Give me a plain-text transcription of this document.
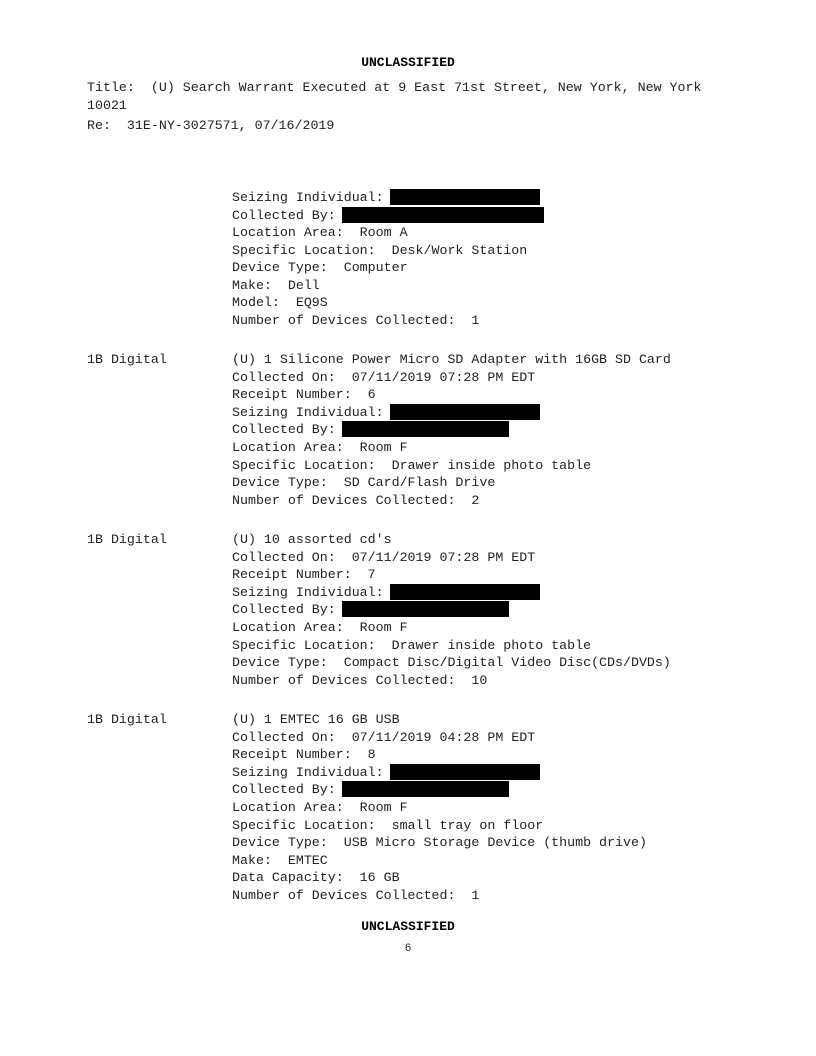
UNCLASSIFIED
Title: (U) Search Warrant Executed at 9 East 71st Street, New York, New York 10021
Re: 31E-NY-3027571, 07/16/2019
Seizing Individual:
Collected By:
Location Area:  Room A
Specific Location:  Desk/Work Station
Device Type:  Computer
Make:  Dell
Model:  EQ9S
Number of Devices Collected:  1
1B Digital	(U) 1 Silicone Power Micro SD Adapter with 16GB SD Card
Collected On:  07/11/2019 07:28 PM EDT
Receipt Number:  6
Seizing Individual:
Collected By:
Location Area:  Room F
Specific Location:  Drawer inside photo table
Device Type:  SD Card/Flash Drive
Number of Devices Collected:  2
1B Digital	(U) 10 assorted cd's
Collected On:  07/11/2019 07:28 PM EDT
Receipt Number:  7
Seizing Individual:
Collected By:
Location Area:  Room F
Specific Location:  Drawer inside photo table
Device Type:  Compact Disc/Digital Video Disc(CDs/DVDs)
Number of Devices Collected:  10
1B Digital	(U) 1 EMTEC 16 GB USB
Collected On:  07/11/2019 04:28 PM EDT
Receipt Number:  8
Seizing Individual:
Collected By:
Location Area:  Room F
Specific Location:  small tray on floor
Device Type:  USB Micro Storage Device (thumb drive)
Make:  EMTEC
Data Capacity:  16 GB
Number of Devices Collected:  1
UNCLASSIFIED
6
